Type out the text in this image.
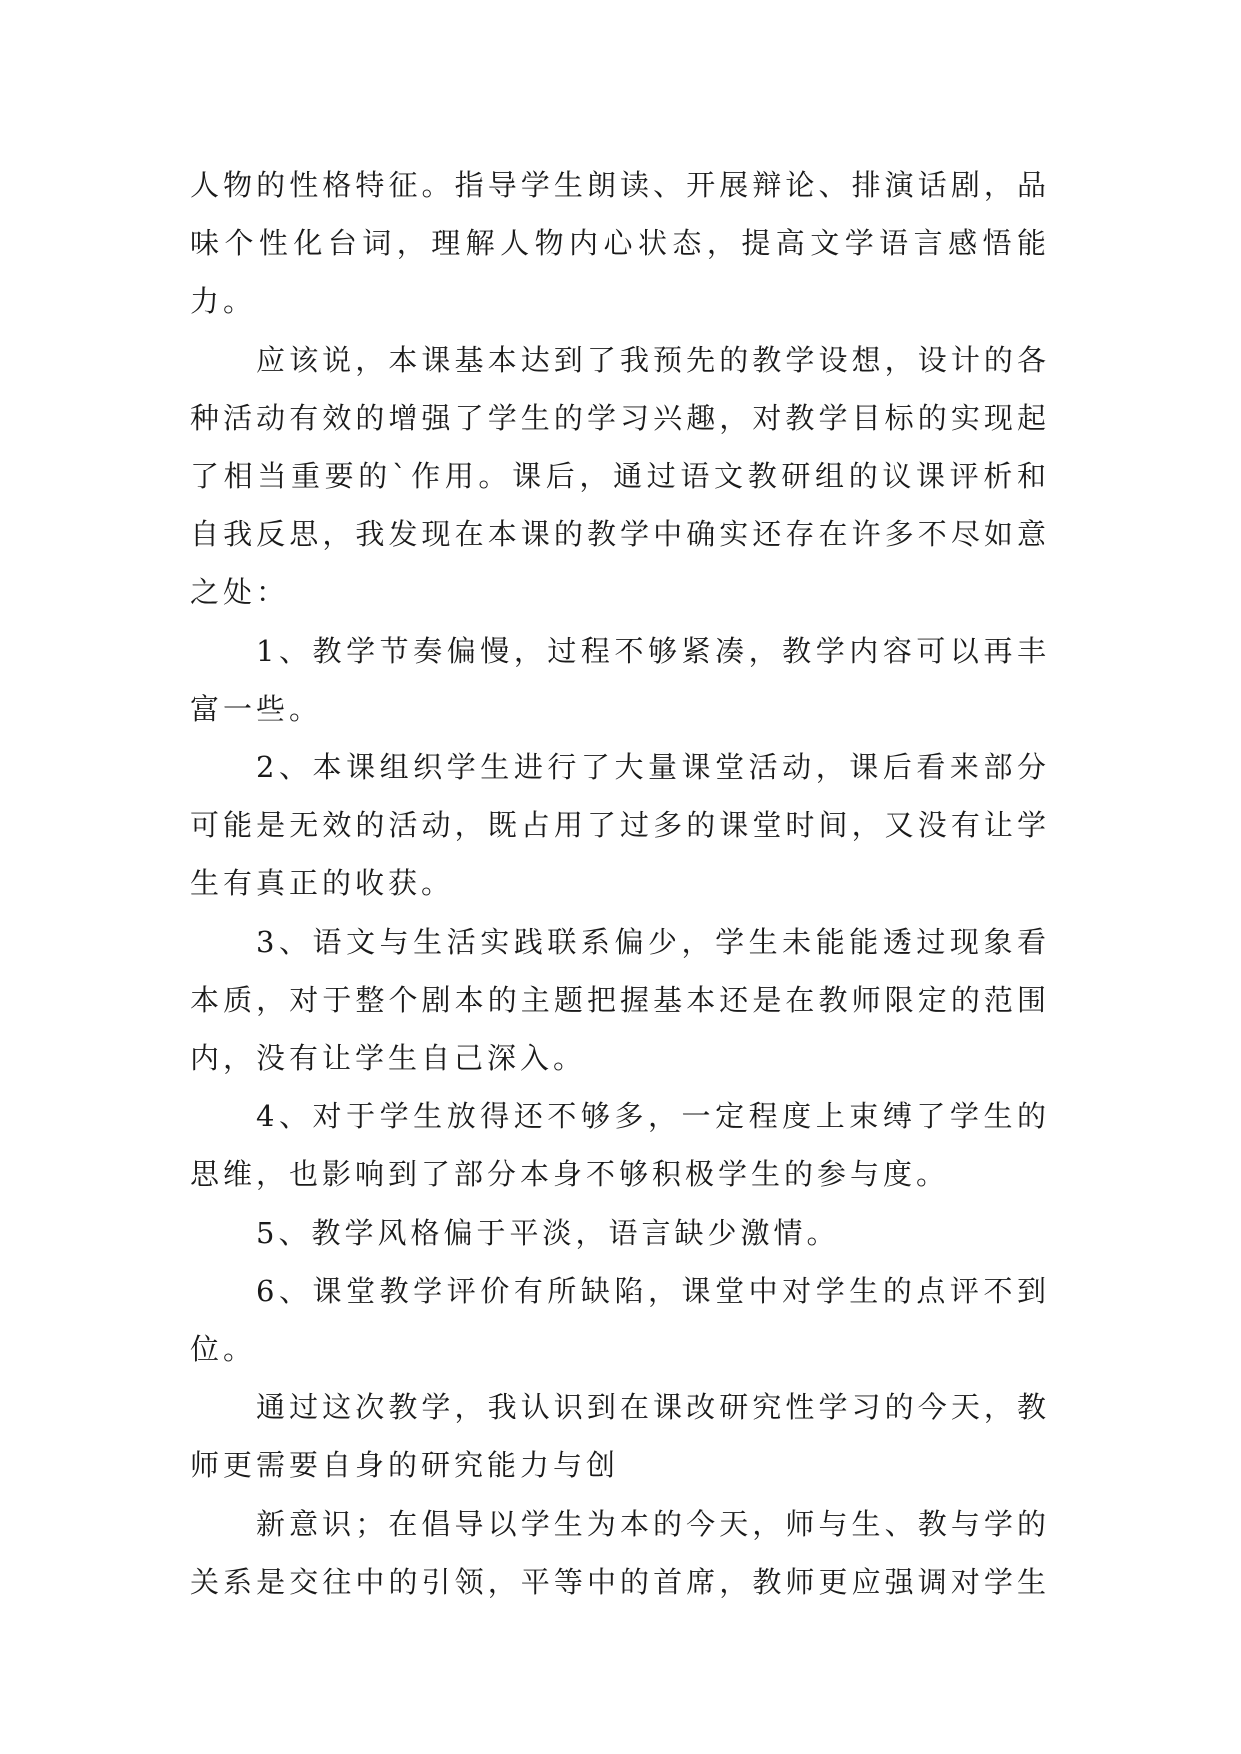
人物的性格特征。指导学生朗读、开展辩论、排演话剧，品味个性化台词，理解人物内心状态，提高文学语言感悟能力。

应该说，本课基本达到了我预先的教学设想，设计的各种活动有效的增强了学生的学习兴趣，对教学目标的实现起了相当重要的`作用。课后，通过语文教研组的议课评析和自我反思，我发现在本课的教学中确实还存在许多不尽如意之处：

1、教学节奏偏慢，过程不够紧凑，教学内容可以再丰富一些。

2、本课组织学生进行了大量课堂活动，课后看来部分可能是无效的活动，既占用了过多的课堂时间，又没有让学生有真正的收获。

3、语文与生活实践联系偏少，学生未能能透过现象看本质，对于整个剧本的主题把握基本还是在教师限定的范围内，没有让学生自己深入。

4、对于学生放得还不够多，一定程度上束缚了学生的思维，也影响到了部分本身不够积极学生的参与度。

5、教学风格偏于平淡，语言缺少激情。

6、课堂教学评价有所缺陷，课堂中对学生的点评不到位。

通过这次教学，我认识到在课改研究性学习的今天，教师更需要自身的研究能力与创

新意识；在倡导以学生为本的今天，师与生、教与学的关系是交往中的引领，平等中的首席，教师更应强调对学生
